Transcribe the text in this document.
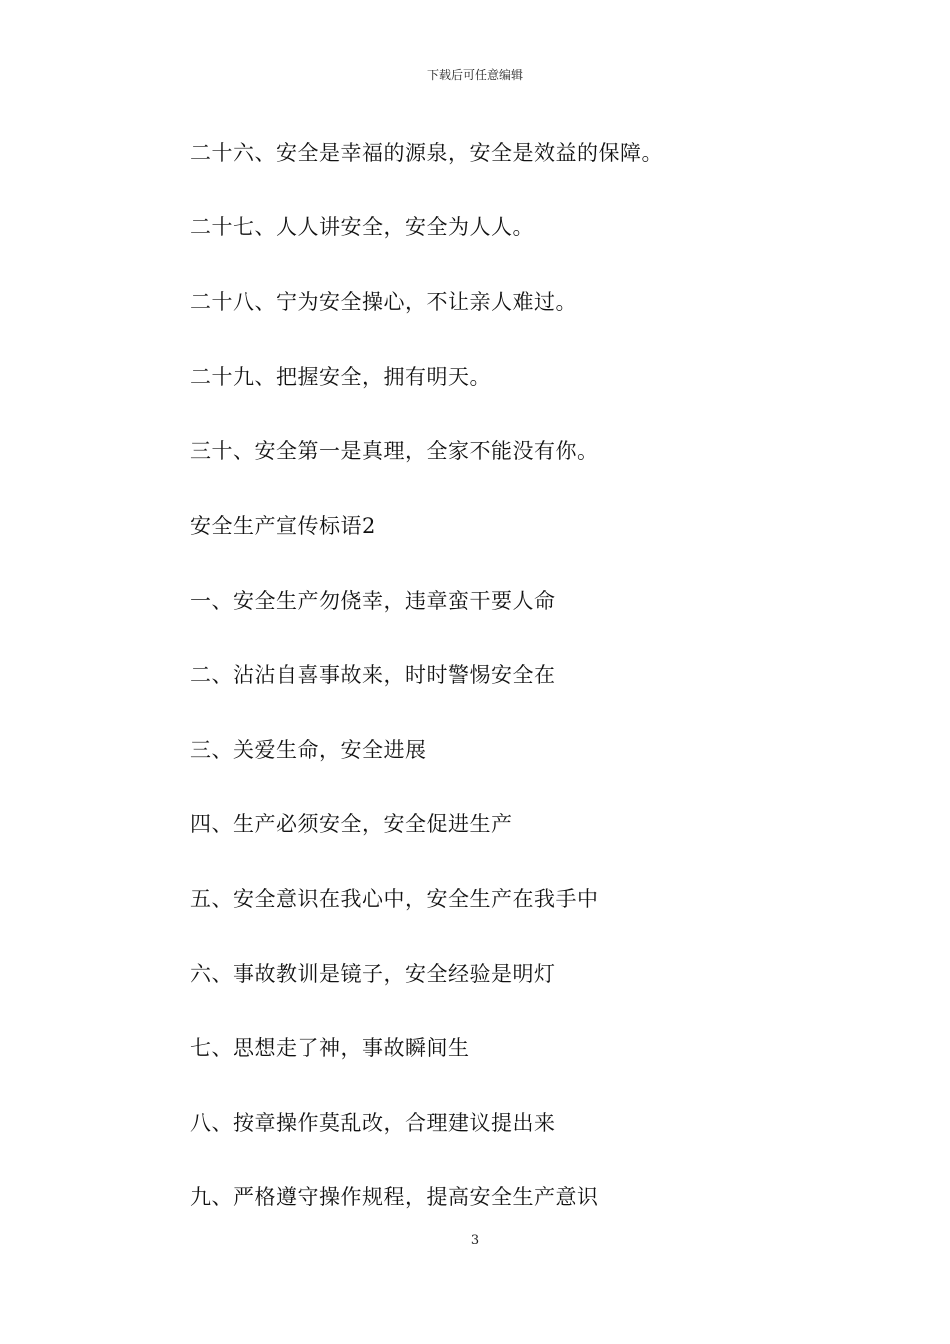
下载后可任意编辑
二十六、安全是幸福的源泉，安全是效益的保障。
二十七、人人讲安全，安全为人人。
二十八、宁为安全操心，不让亲人难过。
二十九、把握安全，拥有明天。
三十、安全第一是真理，全家不能没有你。
安全生产宣传标语2
一、安全生产勿侥幸，违章蛮干要人命
二、沾沾自喜事故来，时时警惕安全在
三、关爱生命，安全进展
四、生产必须安全，安全促进生产
五、安全意识在我心中，安全生产在我手中
六、事故教训是镜子，安全经验是明灯
七、思想走了神，事故瞬间生
八、按章操作莫乱改，合理建议提出来
九、严格遵守操作规程，提高安全生产意识
3
